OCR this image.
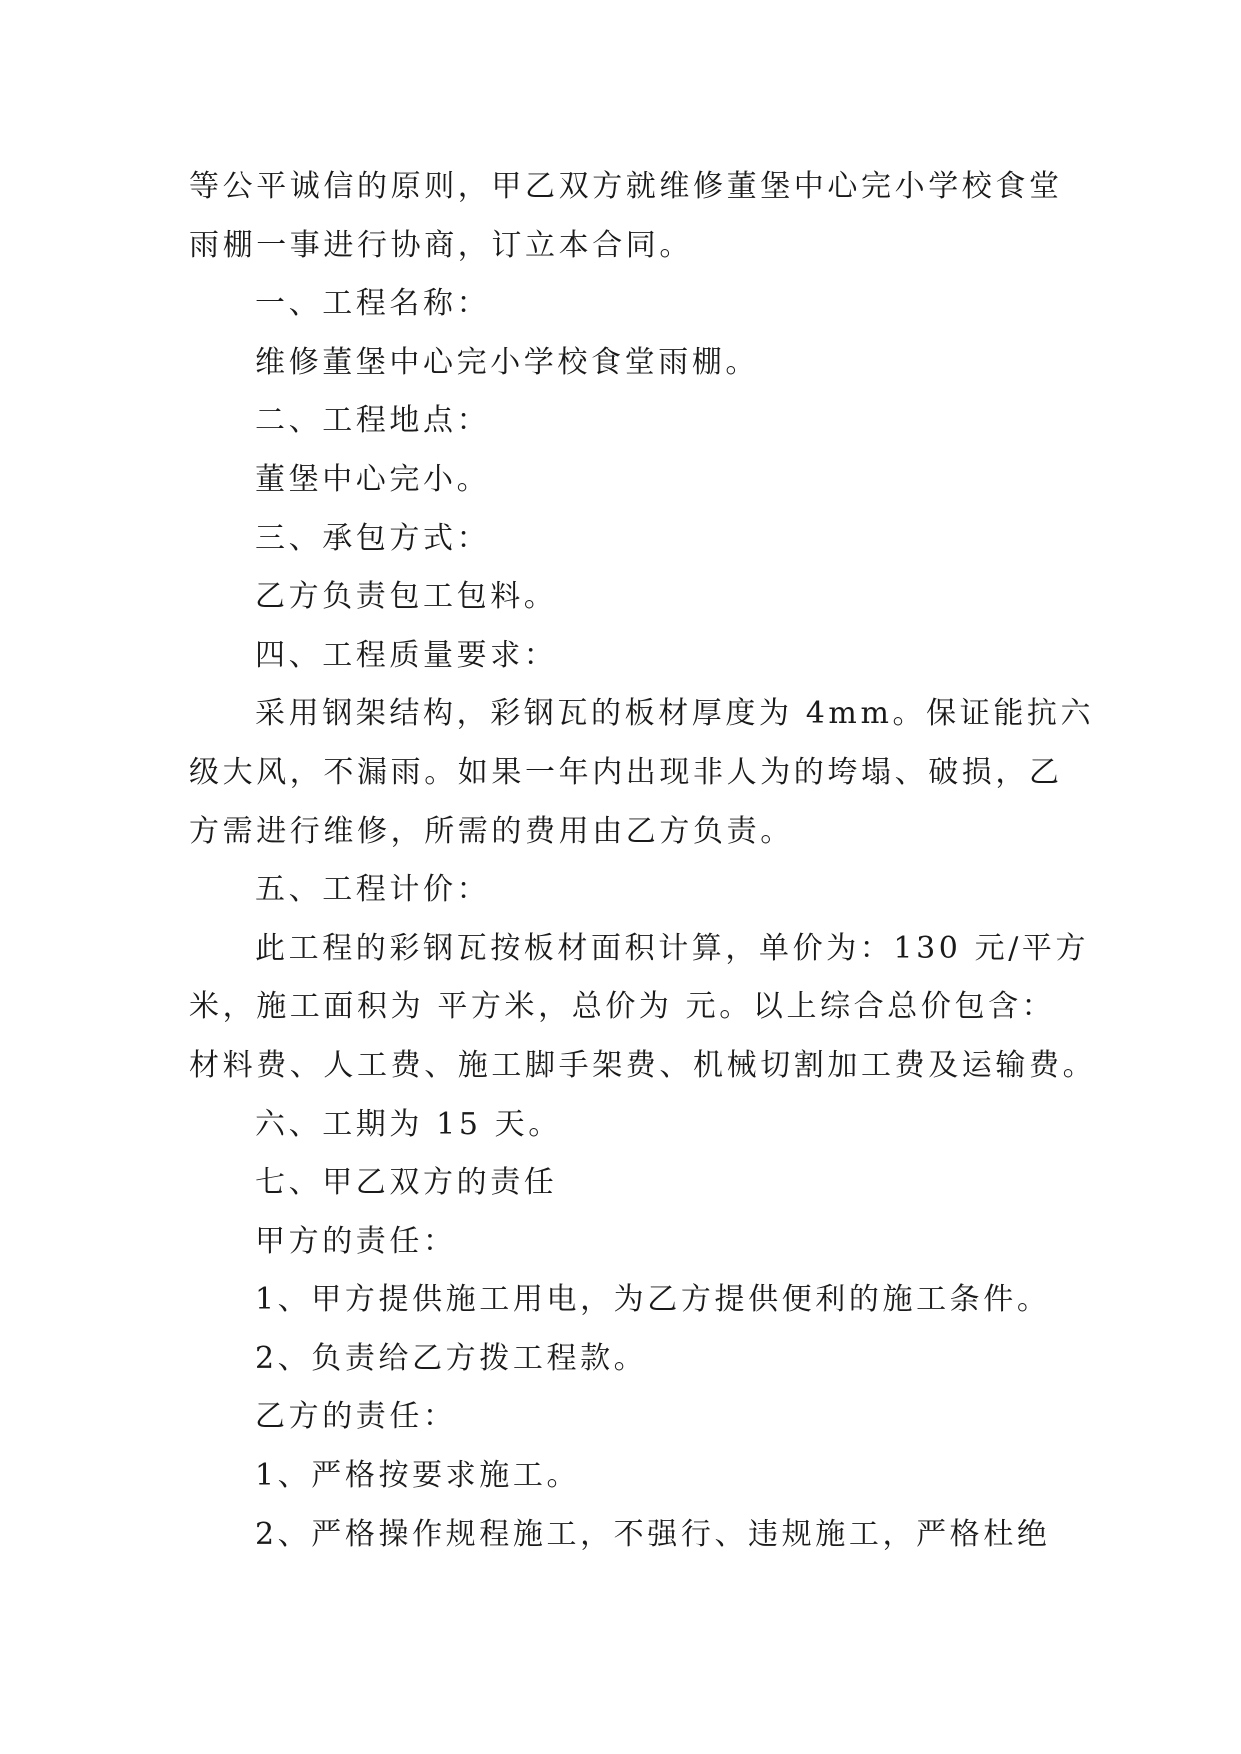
等公平诚信的原则，甲乙双方就维修董堡中心完小学校食堂

雨棚一事进行协商，订立本合同。

一、工程名称：

维修董堡中心完小学校食堂雨棚。

二、工程地点：

董堡中心完小。

三、承包方式：

乙方负责包工包料。

四、工程质量要求：

采用钢架结构，彩钢瓦的板材厚度为 4mm。保证能抗六

级大风，不漏雨。如果一年内出现非人为的垮塌、破损，乙

方需进行维修，所需的费用由乙方负责。

五、工程计价：

此工程的彩钢瓦按板材面积计算，单价为：130 元/平方

米，施工面积为 平方米，总价为 元。以上综合总价包含：

材料费、人工费、施工脚手架费、机械切割加工费及运输费。

六、工期为 15 天。

七、甲乙双方的责任

甲方的责任：

1、甲方提供施工用电，为乙方提供便利的施工条件。

2、负责给乙方拨工程款。

乙方的责任：

1、严格按要求施工。

2、严格操作规程施工，不强行、违规施工，严格杜绝
